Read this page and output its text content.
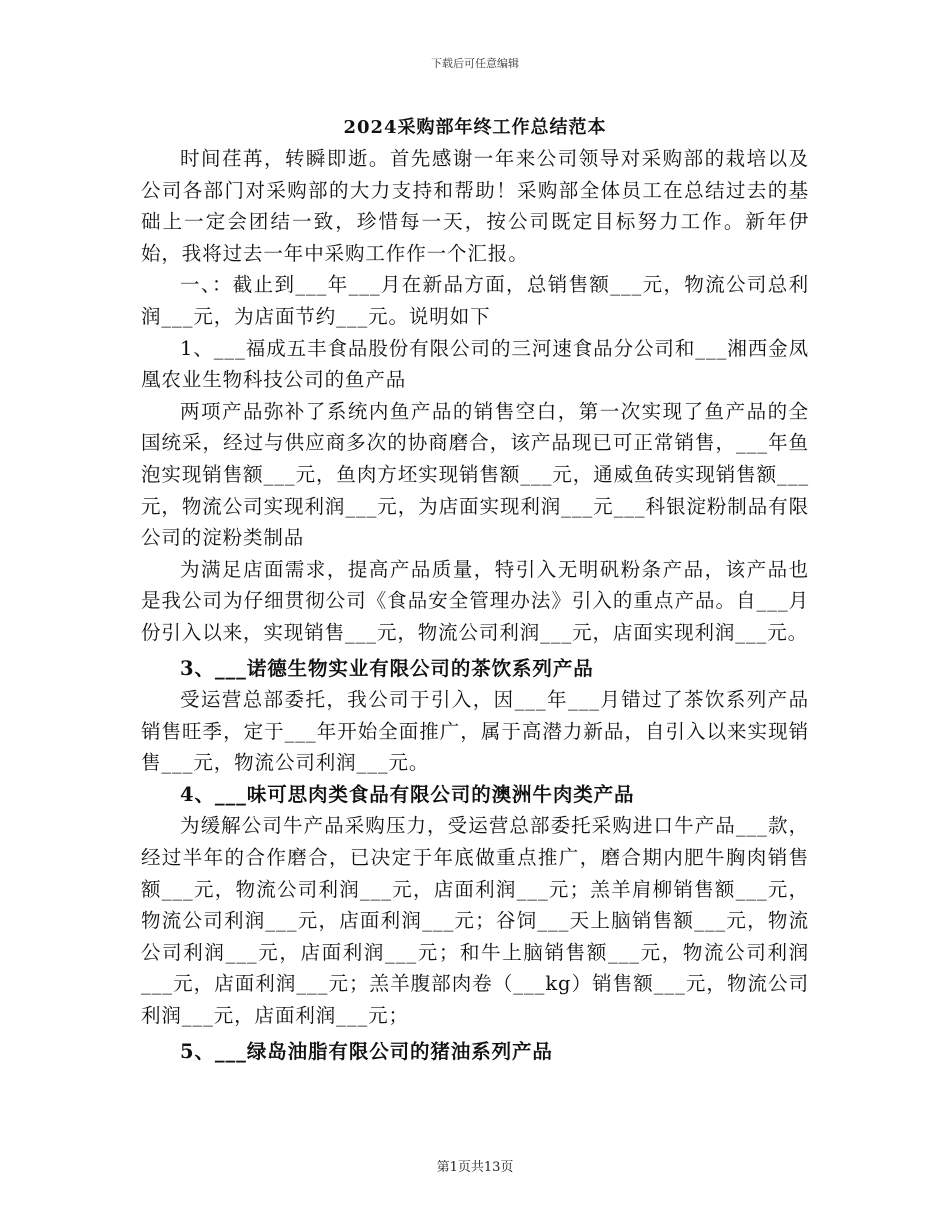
下载后可任意编辑
2024采购部年终工作总结范本

时间荏苒，转瞬即逝。首先感谢一年来公司领导对采购部的栽培以及公司各部门对采购部的大力支持和帮助！采购部全体员工在总结过去的基础上一定会团结一致，珍惜每一天，按公司既定目标努力工作。新年伊始，我将过去一年中采购工作作一个汇报。

一、：截止到___年___月在新品方面，总销售额___元，物流公司总利润___元，为店面节约___元。说明如下

1、___福成五丰食品股份有限公司的三河速食品分公司和___湘西金凤凰农业生物科技公司的鱼产品

两项产品弥补了系统内鱼产品的销售空白，第一次实现了鱼产品的全国统采，经过与供应商多次的协商磨合，该产品现已可正常销售，___年鱼泡实现销售额___元，鱼肉方坯实现销售额___元，通威鱼砖实现销售额___元，物流公司实现利润___元，为店面实现利润___元___科银淀粉制品有限公司的淀粉类制品

为满足店面需求，提高产品质量，特引入无明矾粉条产品，该产品也是我公司为仔细贯彻公司《食品安全管理办法》引入的重点产品。自___月份引入以来，实现销售___元，物流公司利润___元，店面实现利润___元。

3、___诺德生物实业有限公司的茶饮系列产品

受运营总部委托，我公司于引入，因___年___月错过了茶饮系列产品销售旺季，定于___年开始全面推广，属于高潜力新品，自引入以来实现销售___元，物流公司利润___元。

4、___味可思肉类食品有限公司的澳洲牛肉类产品

为缓解公司牛产品采购压力，受运营总部委托采购进口牛产品___款，经过半年的合作磨合，已决定于年底做重点推广，磨合期内肥牛胸肉销售额___元，物流公司利润___元，店面利润___元；羔羊肩柳销售额___元，物流公司利润___元，店面利润___元；谷饲___天上脑销售额___元，物流公司利润___元，店面利润___元；和牛上脑销售额___元，物流公司利润___元，店面利润___元；羔羊腹部肉卷（___kg）销售额___元，物流公司利润___元，店面利润___元；

5、___绿岛油脂有限公司的猪油系列产品

第1页共13页
